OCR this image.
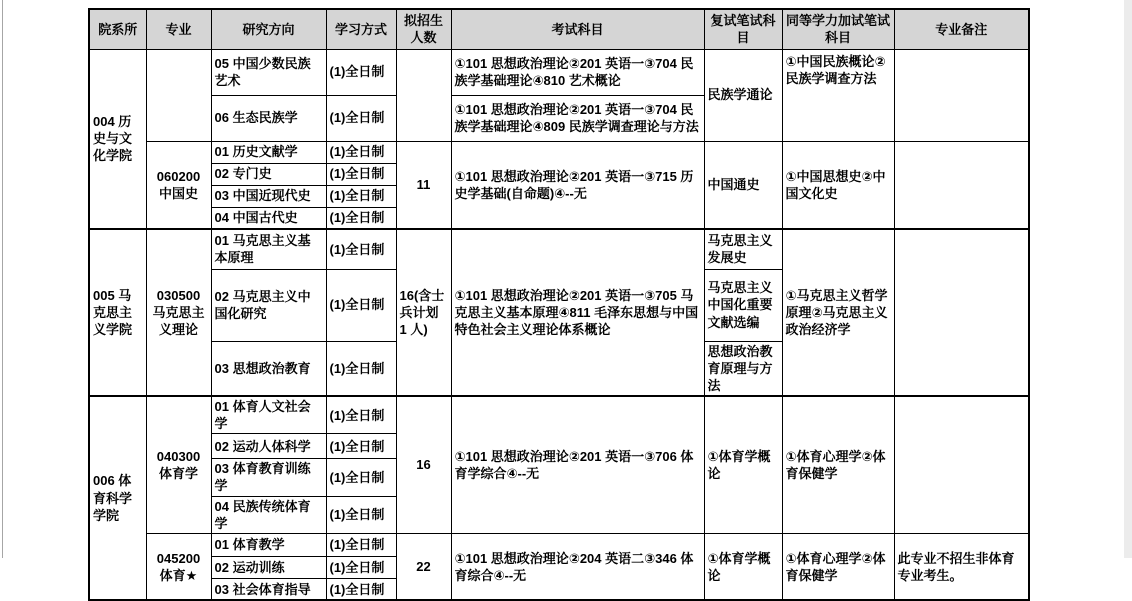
院系所	专业	研究方向	学习方式	拟招生人数	考试科目	复试笔试科目	同等学力加试笔试科目	专业备注
004 历史与文化学院		05 中国少数民族艺术	(1)全日制		①101 思想政治理论②201 英语一③704 民族学基础理论④810 艺术概论	民族学通论	①中国民族概论②民族学调查方法	
		06 生态民族学	(1)全日制		①101 思想政治理论②201 英语一③704 民族学基础理论④809 民族学调查理论与方法			
	060200 中国史	01 历史文献学	(1)全日制	11	①101 思想政治理论②201 英语一③715 历史学基础(自命题)④--无	中国通史	①中国思想史②中国文化史	
		02 专门史	(1)全日制					
		03 中国近现代史	(1)全日制					
		04 中国古代史	(1)全日制					
005 马克思主义学院	030500 马克思主义理论	01 马克思主义基本原理	(1)全日制	16(含士兵计划 1 人)	①101 思想政治理论②201 英语一③705 马克思主义基本原理④811 毛泽东思想与中国特色社会主义理论体系概论	马克思主义发展史	①马克思主义哲学原理②马克思主义政治经济学	
		02 马克思主义中国化研究	(1)全日制			马克思主义中国化重要文献选编		
		03 思想政治教育	(1)全日制			思想政治教育原理与方法		
006 体育科学学院	040300 体育学	01 体育人文社会学	(1)全日制	16	①101 思想政治理论②201 英语一③706 体育学综合④--无	①体育学概论	①体育心理学②体育保健学	
		02 运动人体科学	(1)全日制					
		03 体育教育训练学	(1)全日制					
		04 民族传统体育学	(1)全日制					
	045200 体育★	01 体育教学	(1)全日制	22	①101 思想政治理论②204 英语二③346 体育综合④--无	①体育学概论	①体育心理学②体育保健学	此专业不招生非体育专业考生。
		02 运动训练	(1)全日制					
		03 社会体育指导	(1)全日制					
